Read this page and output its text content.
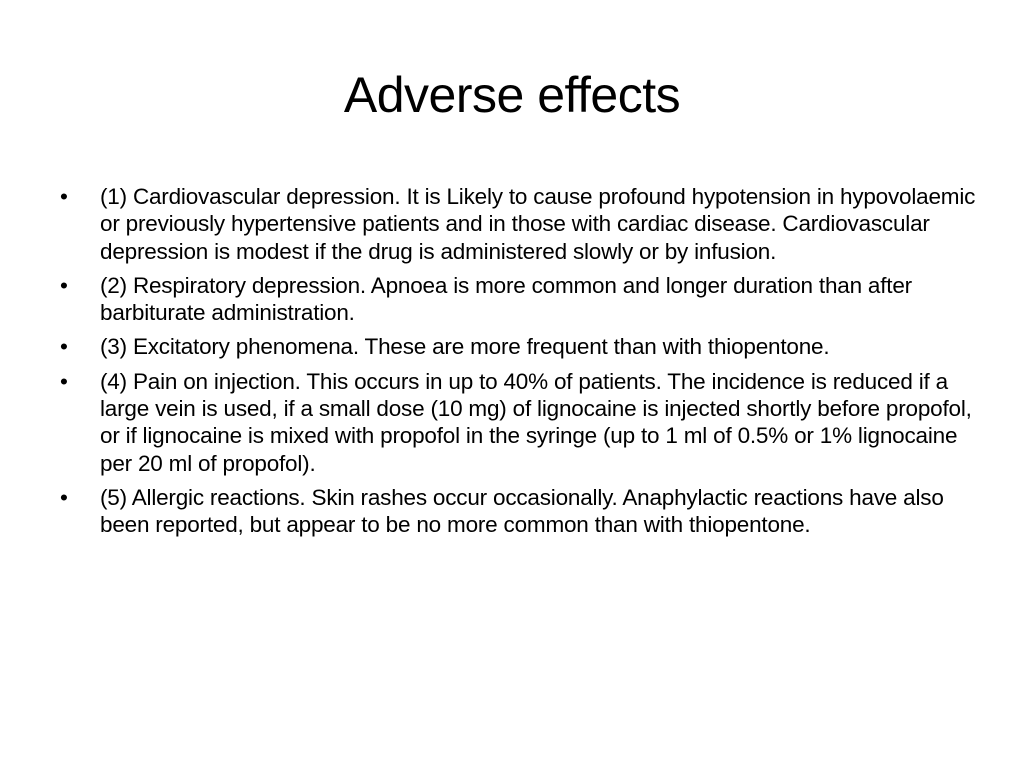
Adverse effects
• (1) Cardiovascular depression. It is Likely to cause profound hypotension in hypovolaemic or previously hypertensive patients and in those with cardiac disease. Cardiovascular depression is modest if the drug is administered slowly or by infusion.
• (2) Respiratory depression. Apnoea is more common and longer duration than after barbiturate administration.
• (3) Excitatory phenomena. These are more frequent than with thiopentone.
• (4) Pain on injection. This occurs in up to 40% of patients. The incidence is reduced if a large vein is used, if a small dose (10 mg) of lignocaine is injected shortly before propofol, or if lignocaine is mixed with propofol in the syringe (up to 1 ml of 0.5% or 1% lignocaine per 20 ml of propofol).
• (5) Allergic reactions. Skin rashes occur occasionally. Anaphylactic reactions have also been reported, but appear to be no more common than with thiopentone.
